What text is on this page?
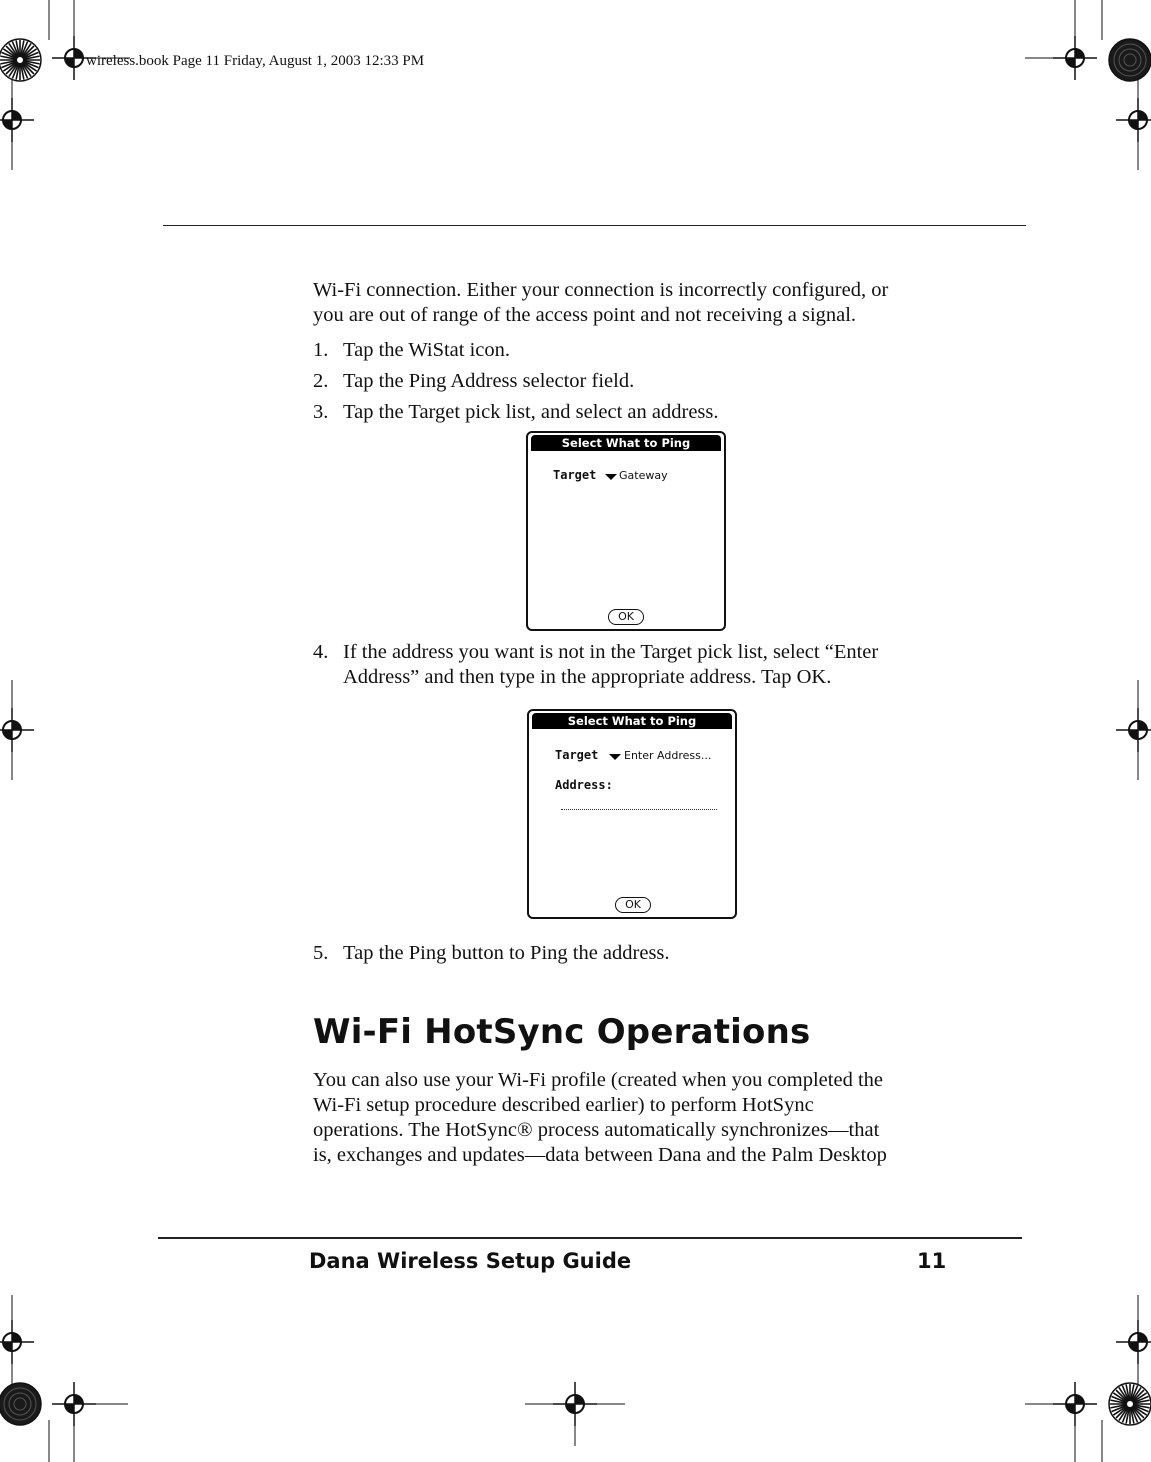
wireless.book Page 11 Friday, August 1, 2003 12:33 PM
Wi-Fi connection. Either your connection is incorrectly configured, or
you are out of range of the access point and not receiving a signal.
1. Tap the WiStat icon.
2. Tap the Ping Address selector field.
3. Tap the Target pick list, and select an address.
Select What to Ping
Target Gateway
OK
4. If the address you want is not in the Target pick list, select “Enter
Address” and then type in the appropriate address. Tap OK.
Select What to Ping
Target Enter Address...
Address:
OK
5. Tap the Ping button to Ping the address.
Wi-Fi HotSync Operations
You can also use your Wi-Fi profile (created when you completed the
Wi-Fi setup procedure described earlier) to perform HotSync
operations. The HotSync® process automatically synchronizes—that
is, exchanges and updates—data between Dana and the Palm Desktop
Dana Wireless Setup Guide	11
